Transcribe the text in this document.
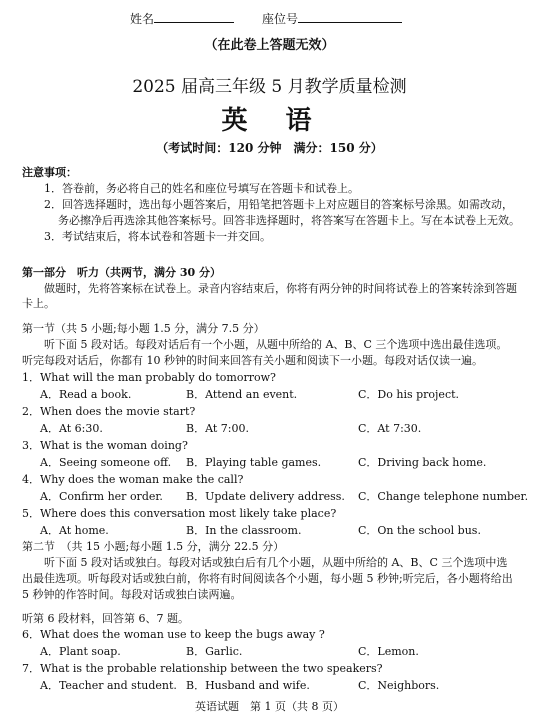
姓名	座位号
（在此卷上答题无效）
2025 届高三年级 5 月教学质量检测
英　语
（考试时间：120 分钟　满分：150 分）
注意事项：
1．答卷前，务必将自己的姓名和座位号填写在答题卡和试卷上。
2．回答选择题时，选出每小题答案后，用铅笔把答题卡上对应题目的答案标号涂黑。如需改动，
务必擦净后再选涂其他答案标号。回答非选择题时，将答案写在答题卡上。写在本试卷上无效。
3．考试结束后，将本试卷和答题卡一并交回。
第一部分　听力（共两节，满分 30 分）
做题时，先将答案标在试卷上。录音内容结束后，你将有两分钟的时间将试卷上的答案转涂到答题
卡上。
第一节（共 5 小题;每小题 1.5 分，满分 7.5 分）
听下面 5 段对话。每段对话后有一个小题，从题中所给的 A、B、C 三个选项中选出最佳选项。
听完每段对话后，你都有 10 秒钟的时间来回答有关小题和阅读下一小题。每段对话仅读一遍。
1．What will the man probably do tomorrow?
A．Read a book.	B．Attend an event.	C．Do his project.
2．When does the movie start?
A．At 6:30.	B．At 7:00.	C．At 7:30.
3．What is the woman doing?
A．Seeing someone off. B．Playing table games.	C．Driving back home.
4．Why does the woman make the call?
A．Confirm her order. B．Update delivery address. C．Change telephone number.
5．Where does this conversation most likely take place?
A．At home.	B．In the classroom.	C．On the school bus.
第二节　（共 15 小题;每小题 1.5 分，满分 22.5 分）
听下面 5 段对话或独白。每段对话或独白后有几个小题，从题中所给的 A、B、C 三个选项中选
出最佳选项。听每段对话或独白前，你将有时间阅读各个小题，每小题 5 秒钟;听完后，各小题将给出
5 秒钟的作答时间。每段对话或独白读两遍。
听第 6 段材料，回答第 6、7 题。
6．What does the woman use to keep the bugs away ?
A．Plant soap.	B．Garlic.	C．Lemon.
7．What is the probable relationship between the two speakers?
A．Teacher and student. B．Husband and wife.	C．Neighbors.
英语试题　第 1 页（共 8 页）
